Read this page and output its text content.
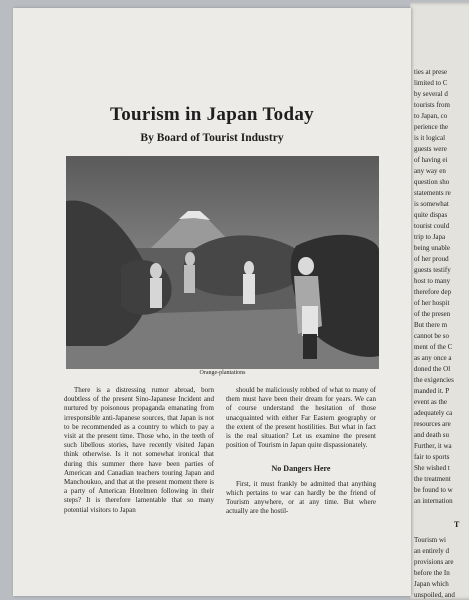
ties at prese
limited to C
by several d
tourists from
to Japan, co
perience the
is it logical
guests were
of having ei
any way en
question sho
statements re
is somewhat
quite dispas
tourist could
trip to Japa
being unable
of her proud
guests testify
host to many
therefore dep
of her hospit
of the presen
But there m
cannot be so
ment of the C
as any once a
doned the Ol
the exigencies
manded it. P
event as the
adequately ca
resources are
and death su
Further, it wa
fair to sports
She wished t
the treatment
be found to w
an internation
T
Tourism wi
an entirely d
provisions are
before the In
Japan which
unspoiled, and
Tourism in Japan Today
By Board of Tourist Industry
Orange-plantations

There is a distressing rumor abroad, born doubtless of the present Sino-Japanese Incident and nurtured by poisonous propaganda emanating from irresponsible anti-Japanese sources, that Japan is not to be recommended as a country to which to pay a visit at the present time. Those who, in the teeth of such libellous stories, have recently visited Japan think otherwise. Is it not somewhat ironical that during this summer there have been parties of American and Canadian teachers touring Japan and Manchoukuo, and that at the present moment there is a party of American Hotelmen following in their steps? It is therefore lamentable that so many potential visitors to Japan

should be maliciously robbed of what to many of them must have been their dream for years. We can of course understand the hesitation of those unacquainted with either Far Eastern geography or the extent of the present hostilities. But what in fact is the real situation? Let us examine the present position of Tourism in Japan quite dispassionately.

No Dangers Here

First, it must frankly be admitted that anything which pertains to war can hardly be the friend of Tourism anywhere, or at any time. But where actually are the hostil-
